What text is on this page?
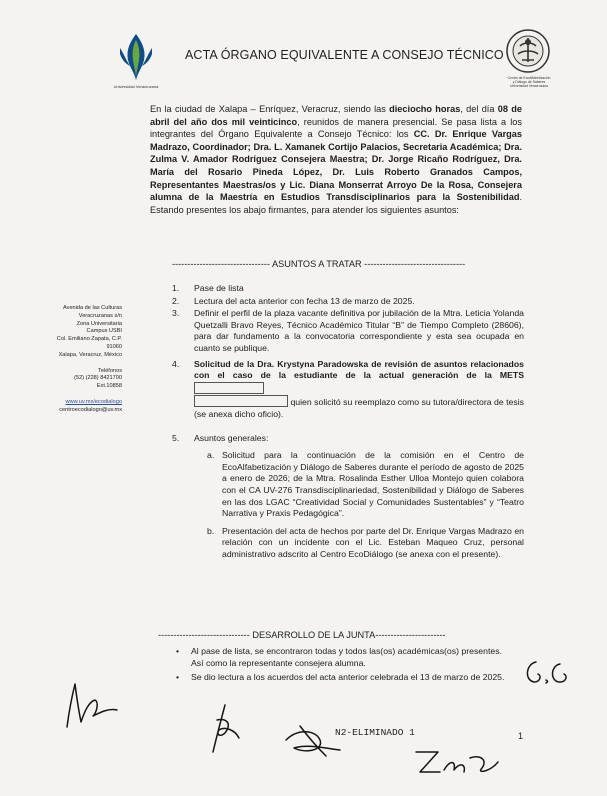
Universidad Veracruzana
ACTA ÓRGANO EQUIVALENTE A CONSEJO TÉCNICO
Centro de EcoAlfabetización
y Diálogo de Saberes
Universidad Veracruzana
Avenida de las Culturas
Veracruzanas s/n
Zona Universitaria
Campus USBI
Col. Emiliano Zapata, C.P.
91060
Xalapa, Veracruz, México
Teléfonos
(52) (228) 8421700
Ext.10858
www.uv.mx/ecodialogo
centroecodialogo@uv.mx
En la ciudad de Xalapa – Enríquez, Veracruz, siendo las dieciocho horas, del día 08 de abril del año dos mil veinticinco, reunidos de manera presencial. Se pasa lista a los integrantes del Órgano Equivalente a Consejo Técnico: los CC. Dr. Enrique Vargas Madrazo, Coordinador; Dra. L. Xamanek Cortijo Palacios, Secretaria Académica; Dra. Zulma V. Amador Rodríguez Consejera Maestra; Dr. Jorge Ricaño Rodríguez, Dra. María del Rosario Pineda López, Dr. Luis Roberto Granados Campos, Representantes Maestras/os y Lic. Diana Monserrat Arroyo De la Rosa, Consejera alumna de la Maestría en Estudios Transdisciplinarios para la Sostenibilidad. Estando presentes los abajo firmantes, para atender los siguientes asuntos:
-------------------------------- ASUNTOS A TRATAR ---------------------------------
1. Pase de lista
2. Lectura del acta anterior con fecha 13 de marzo de 2025.
3. Definir el perfil de la plaza vacante definitiva por jubilación de la Mtra. Leticia Yolanda Quetzalli Bravo Reyes, Técnico Académico Titular “B” de Tiempo Completo (28606), para dar fundamento a la convocatoria correspondiente y esta sea ocupada en cuanto se publique.
4. Solicitud de la Dra. Krystyna Paradowska de revisión de asuntos relacionados con el caso de la estudiante de la actual generación de la METS
quien solicitó su reemplazo como su tutora/directora de tesis (se anexa dicho oficio).
5. Asuntos generales:
a. Solicitud para la continuación de la comisión en el Centro de EcoAlfabetización y Diálogo de Saberes durante el período de agosto de 2025 a enero de 2026; de la Mtra. Rosalinda Esther Ulloa Montejo quien colabora con el CA UV-276 Transdisciplinariedad, Sostenibilidad y Diálogo de Saberes en las dos LGAC “Creatividad Social y Comunidades Sustentables” y “Teatro Narrativa y Praxis Pedagógica”.
b. Presentación del acta de hechos por parte del Dr. Enrique Vargas Madrazo en relación con un incidente con el Lic. Esteban Maqueo Cruz, personal administrativo adscrito al Centro EcoDiálogo (se anexa con el presente).
------------------------------ DESARROLLO DE LA JUNTA-----------------------
• Al pase de lista, se encontraron todas y todos las(os) académicas(os) presentes. Así como la representante consejera alumna.
• Se dio lectura a los acuerdos del acta anterior celebrada el 13 de marzo de 2025.
N2-ELIMINADO 1	1
